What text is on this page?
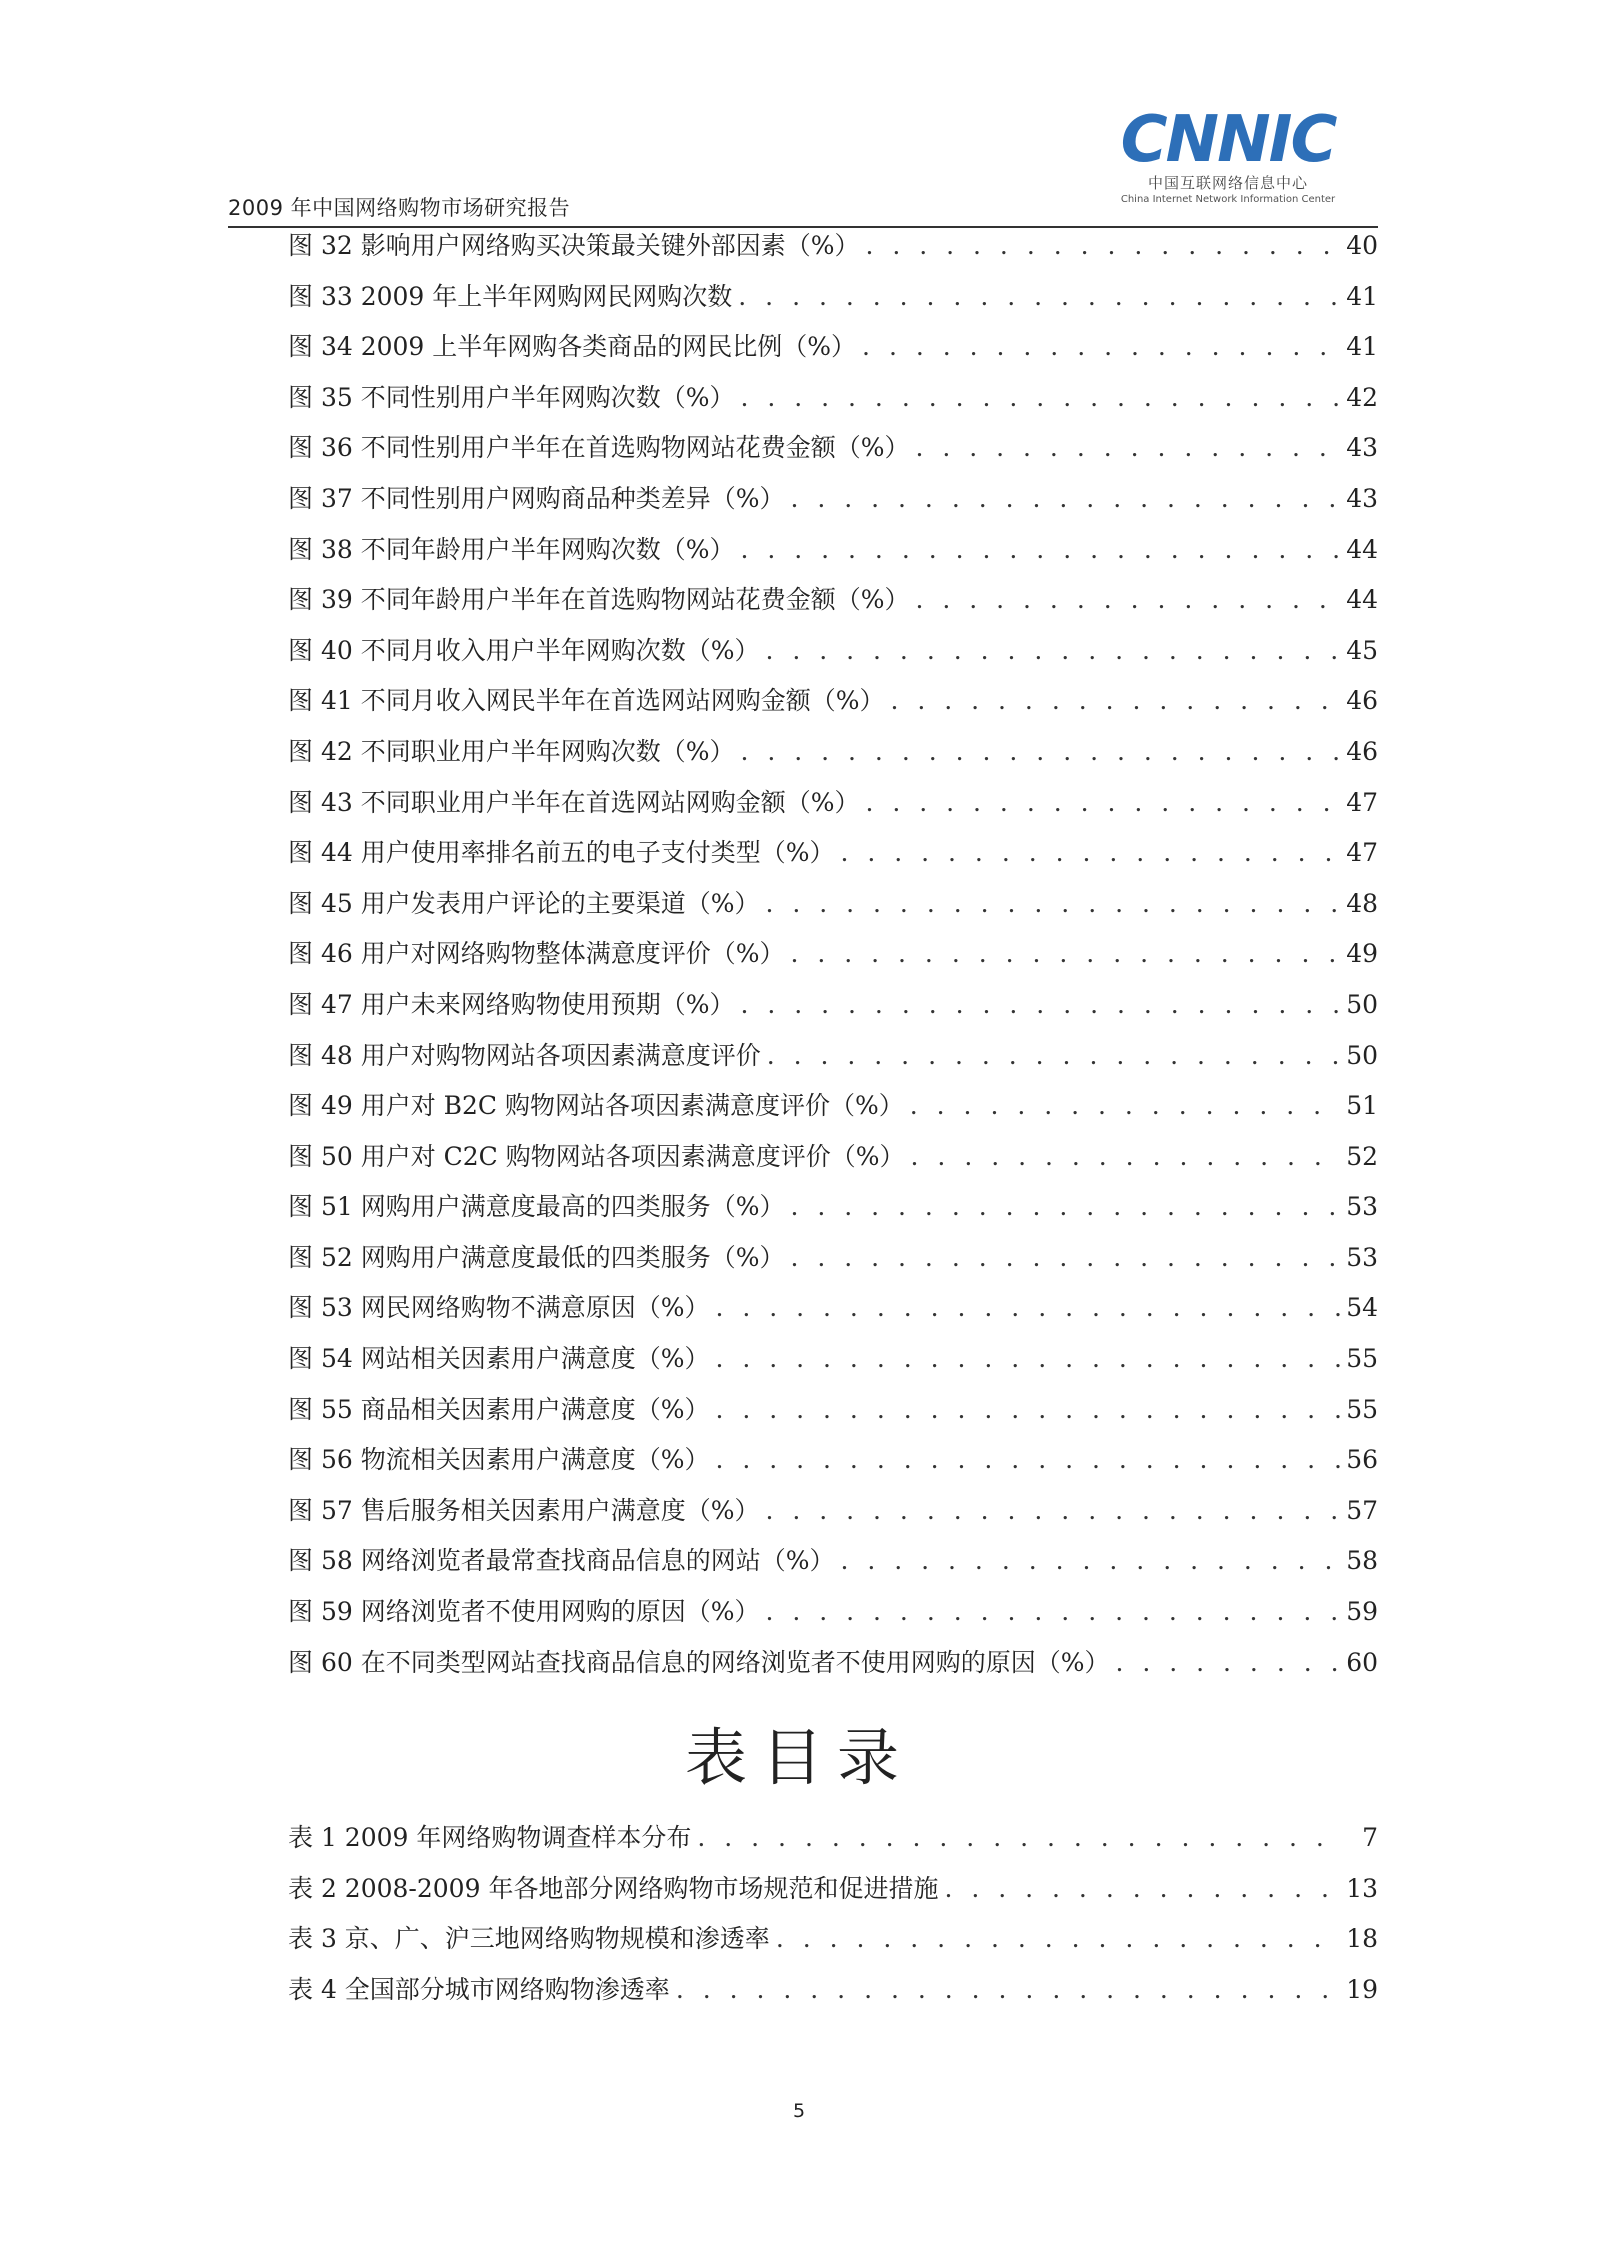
2009 年中国网络购物市场研究报告
CNNIC
中国互联网络信息中心
China Internet Network Information Center
图 32 影响用户网络购买决策最关键外部因素（%） . . .	40
图 33 2009 年上半年网购网民网购次数 . . .	41
图 34 2009 上半年网购各类商品的网民比例（%） . . .	41
图 35 不同性别用户半年网购次数（%） . . .	42
图 36 不同性别用户半年在首选购物网站花费金额（%） . . .	43
图 37 不同性别用户网购商品种类差异（%） . . .	43
图 38 不同年龄用户半年网购次数（%） . . .	44
图 39 不同年龄用户半年在首选购物网站花费金额（%） . . .	44
图 40 不同月收入用户半年网购次数（%） . . .	45
图 41 不同月收入网民半年在首选网站网购金额（%） . . .	46
图 42 不同职业用户半年网购次数（%） . . .	46
图 43 不同职业用户半年在首选网站网购金额（%） . . .	47
图 44 用户使用率排名前五的电子支付类型（%） . . .	47
图 45 用户发表用户评论的主要渠道（%） . . .	48
图 46 用户对网络购物整体满意度评价（%） . . .	49
图 47 用户未来网络购物使用预期（%） . . .	50
图 48 用户对购物网站各项因素满意度评价 . . .	50
图 49 用户对 B2C 购物网站各项因素满意度评价（%） . . .	51
图 50 用户对 C2C 购物网站各项因素满意度评价（%） . . .	52
图 51 网购用户满意度最高的四类服务（%） . . .	53
图 52 网购用户满意度最低的四类服务（%） . . .	53
图 53 网民网络购物不满意原因（%） . . .	54
图 54 网站相关因素用户满意度（%） . . .	55
图 55 商品相关因素用户满意度（%） . . .	55
图 56 物流相关因素用户满意度（%） . . .	56
图 57 售后服务相关因素用户满意度（%） . . .	57
图 58 网络浏览者最常查找商品信息的网站（%） . . .	58
图 59 网络浏览者不使用网购的原因（%） . . .	59
图 60 在不同类型网站查找商品信息的网络浏览者不使用网购的原因（%） . . .	60
表目录
表 1 2009 年网络购物调查样本分布 . . .	7
表 2 2008-2009 年各地部分网络购物市场规范和促进措施 . . .	13
表 3 京、广、沪三地网络购物规模和渗透率 . . .	18
表 4 全国部分城市网络购物渗透率 . . .	19
5
